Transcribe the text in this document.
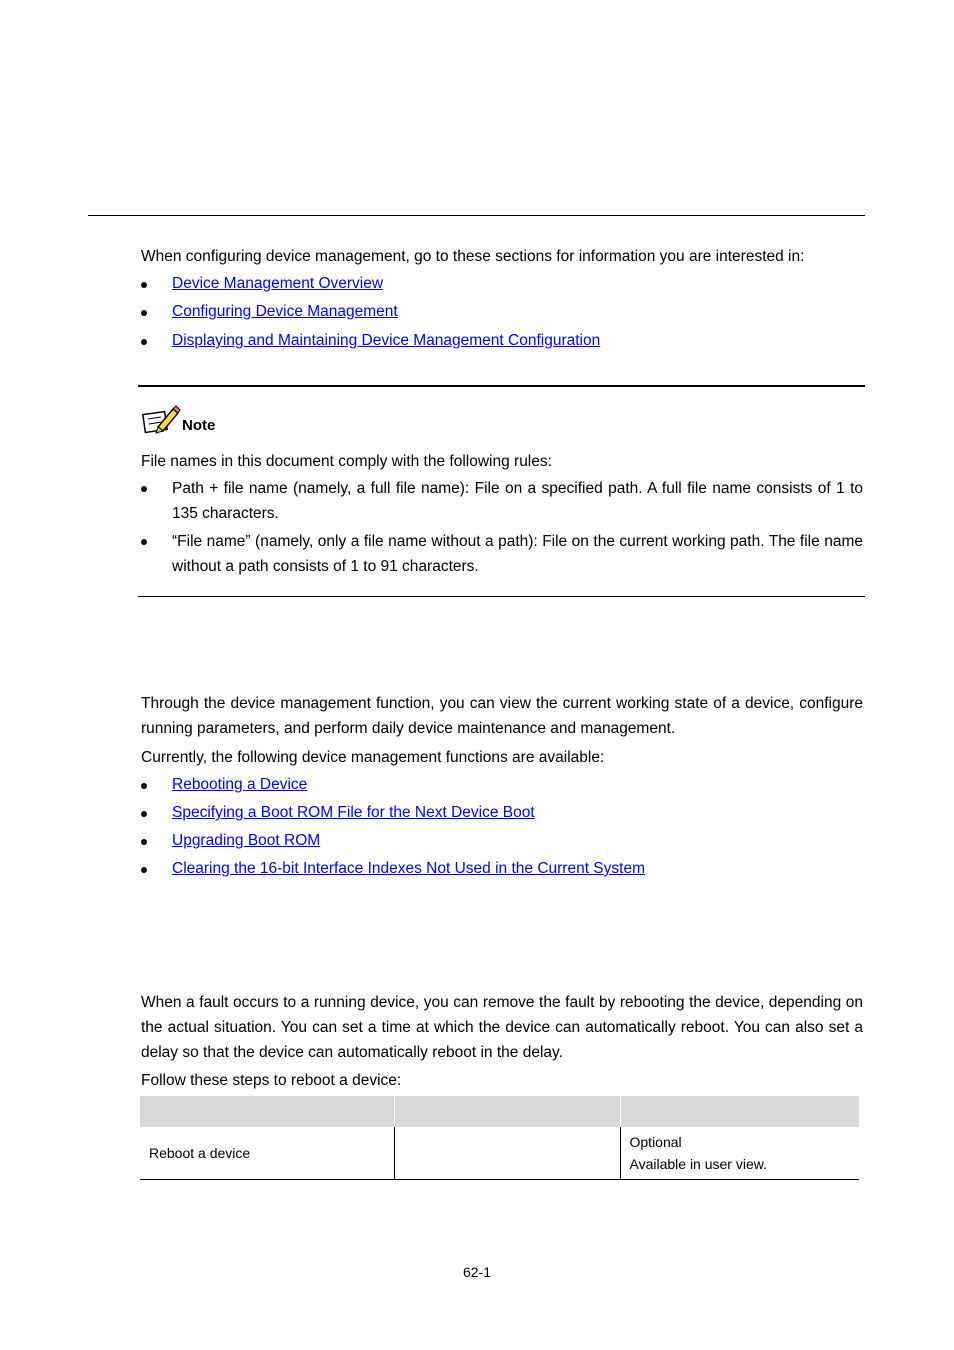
When configuring device management, go to these sections for information you are interested in:

Device Management Overview
Configuring Device Management
Displaying and Maintaining Device Management Configuration
Note

File names in this document comply with the following rules:

Path + file name (namely, a full file name): File on a specified path. A full file name consists of 1 to 135 characters.

“File name” (namely, only a file name without a path): File on the current working path. The file name without a path consists of 1 to 91 characters.

Through the device management function, you can view the current working state of a device, configure running parameters, and perform daily device maintenance and management.

Currently, the following device management functions are available:

Rebooting a Device
Specifying a Boot ROM File for the Next Device Boot
Upgrading Boot ROM
Clearing the 16-bit Interface Indexes Not Used in the Current System

When a fault occurs to a running device, you can remove the fault by rebooting the device, depending on the actual situation. You can set a time at which the device can automatically reboot. You can also set a delay so that the device can automatically reboot in the delay.

Follow these steps to reboot a device:

Reboot a device		Optional
Available in user view.
62-1
